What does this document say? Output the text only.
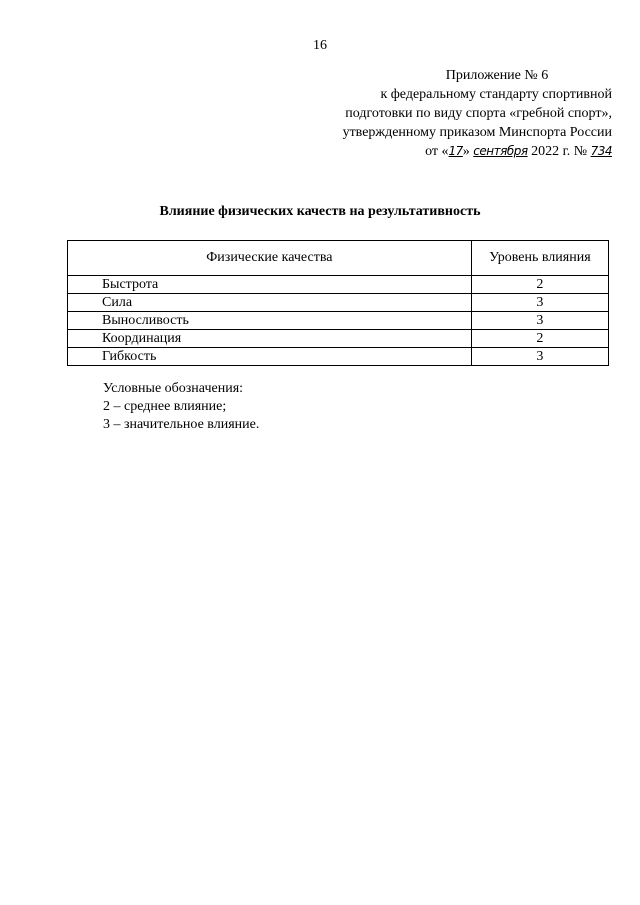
16
Приложение № 6
к федеральному стандарту спортивной
подготовки по виду спорта «гребной спорт»,
утвержденному приказом Минспорта России
от «17» сентября 2022 г. № 734
Влияние физических качеств на результативность
Физические качества	Уровень влияния
Быстрота	2
Сила	3
Выносливость	3
Координация	2
Гибкость	3
Условные обозначения:
2 – среднее влияние;
3 – значительное влияние.
